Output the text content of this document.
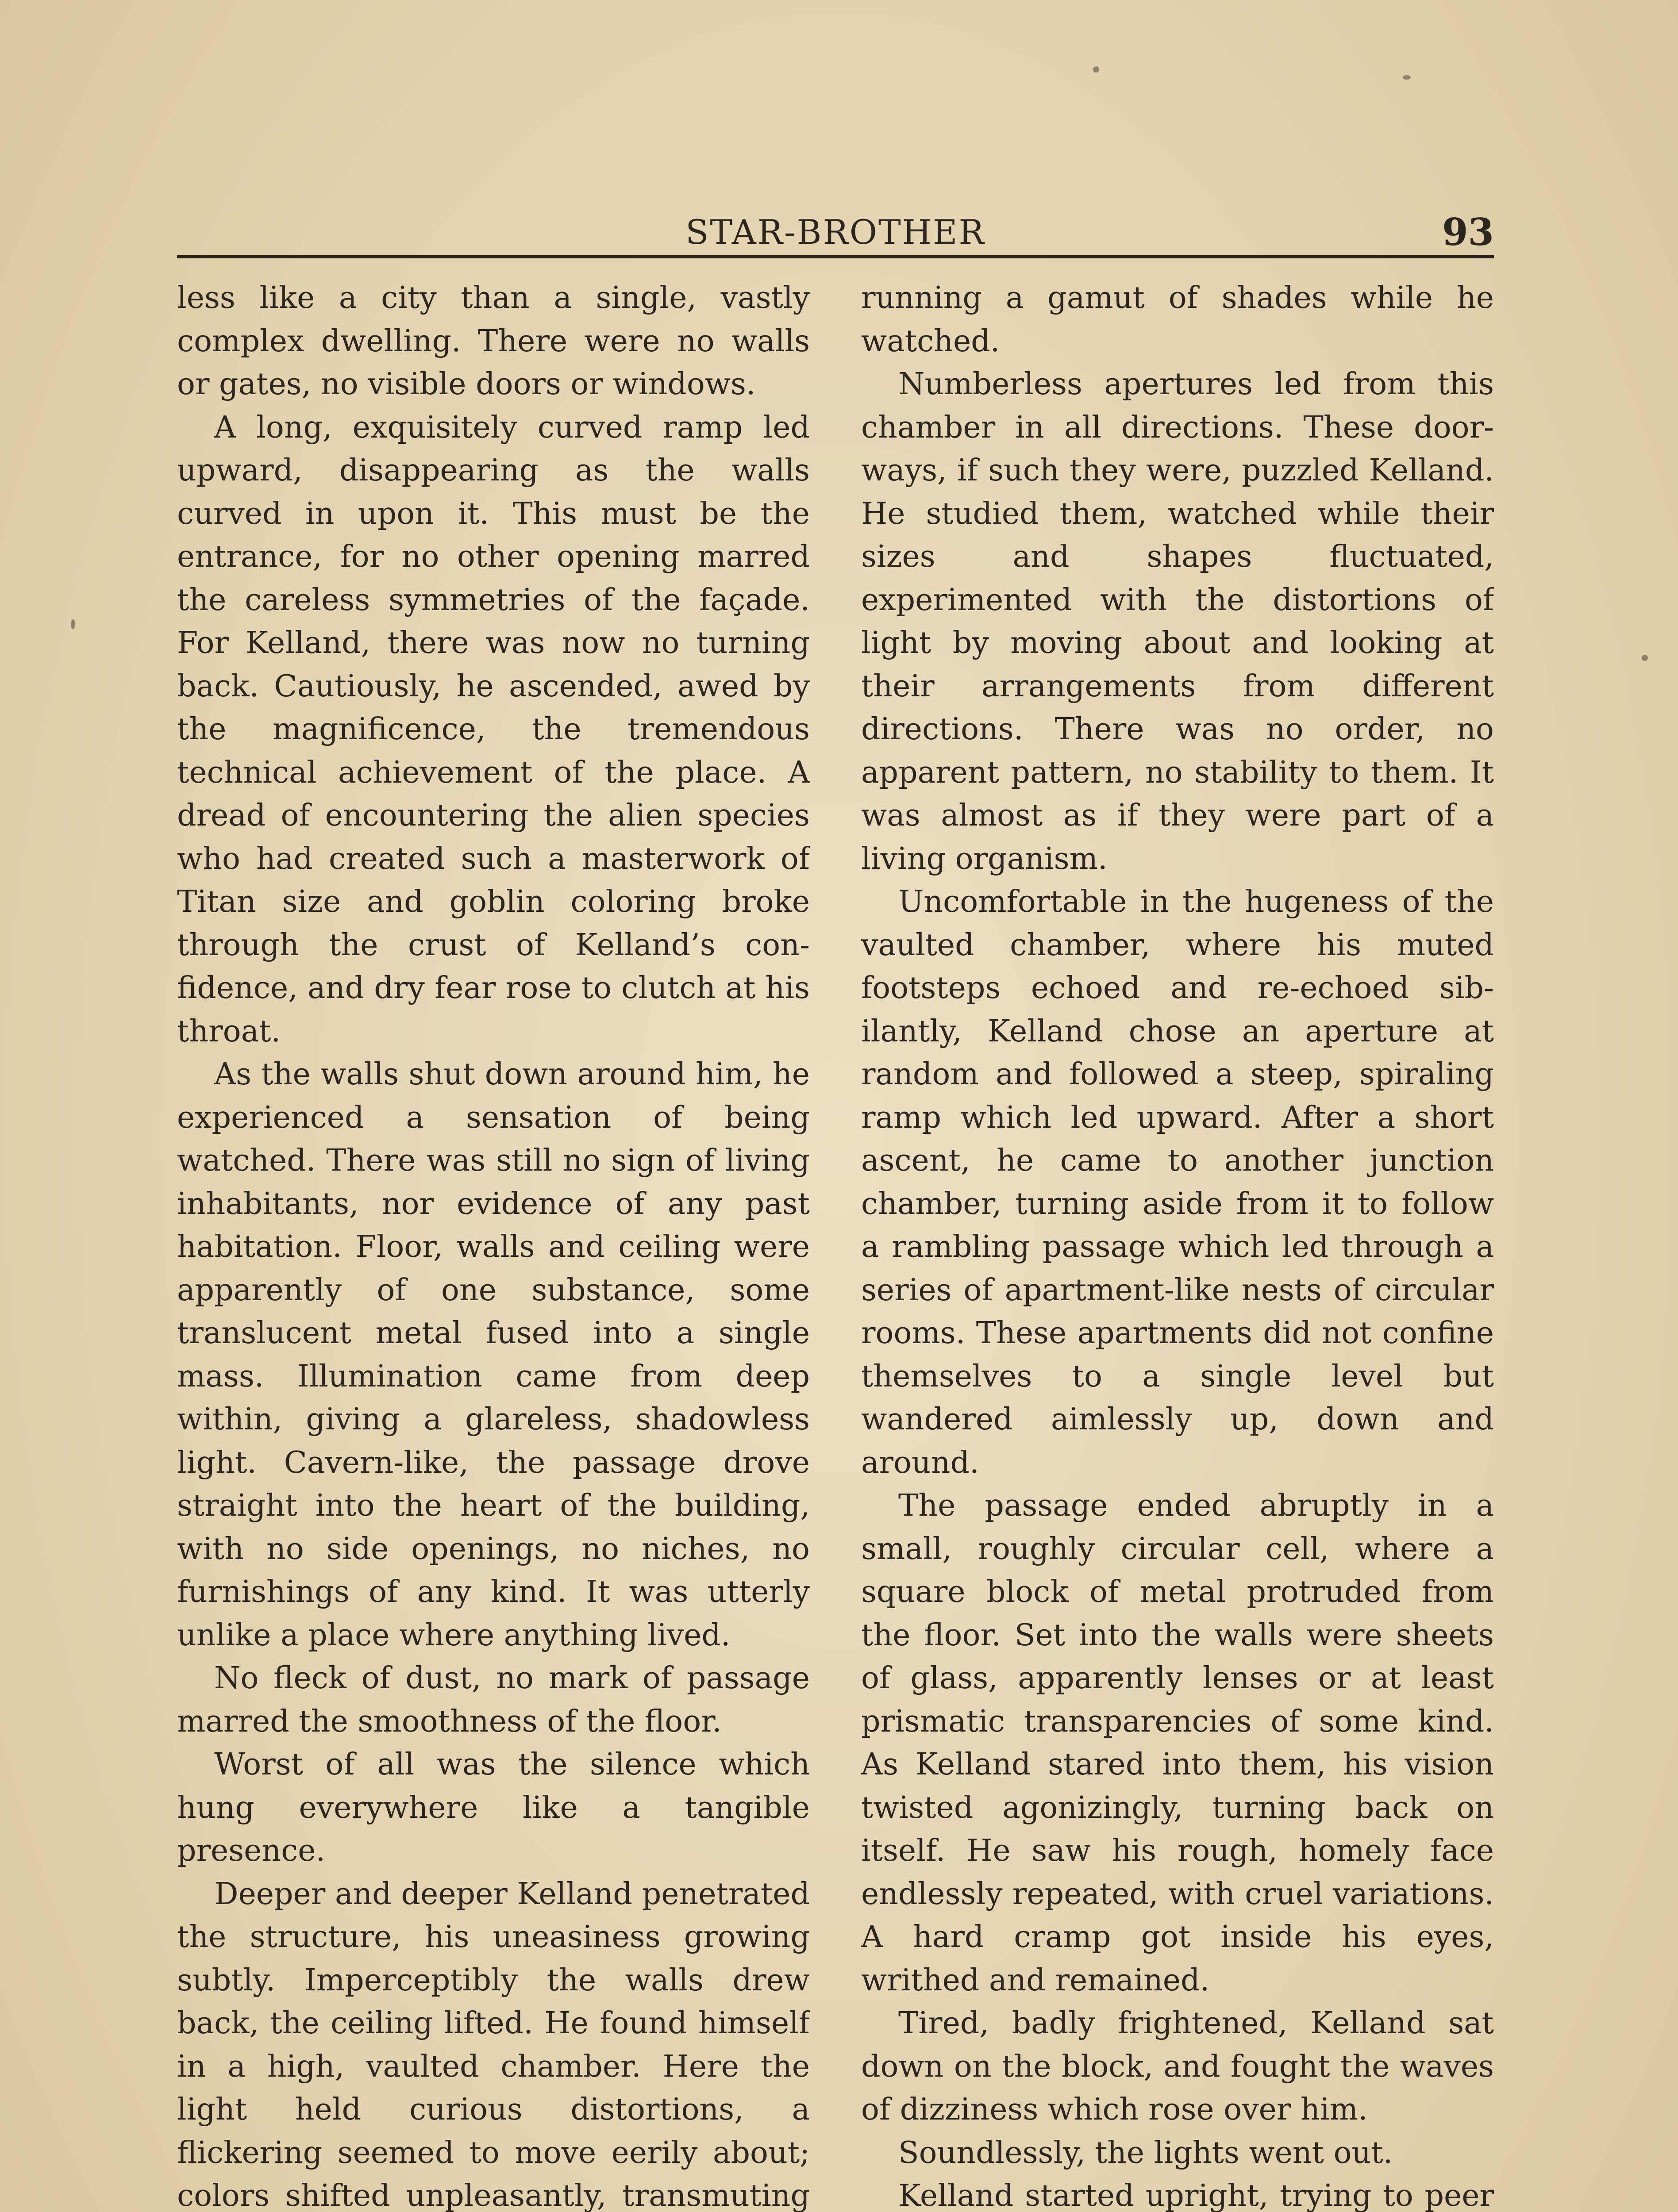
STAR-BROTHER	93

less like a city than a single, vastly complex dwelling. There were no walls or gates, no visible doors or windows.

A long, exquisitely curved ramp led upward, disappearing as the walls curved in upon it. This must be the entrance, for no other opening marred the careless symmetries of the façade. For Kelland, there was now no turning back. Cautiously, he ascended, awed by the magnificence, the tremendous technical achievement of the place. A dread of encountering the alien species who had created such a masterwork of Titan size and goblin coloring broke through the crust of Kelland’s confidence, and dry fear rose to clutch at his throat.

As the walls shut down around him, he experienced a sensation of being watched. There was still no sign of living inhabitants, nor evidence of any past habitation. Floor, walls and ceiling were apparently of one substance, some translucent metal fused into a single mass. Illumination came from deep within, giving a glareless, shadowless light. Cavern-like, the passage drove straight into the heart of the building, with no side openings, no niches, no furnishings of any kind. It was utterly unlike a place where anything lived.

No fleck of dust, no mark of passage marred the smoothness of the floor.

Worst of all was the silence which hung everywhere like a tangible presence.

Deeper and deeper Kelland penetrated the structure, his uneasiness growing subtly. Imperceptibly the walls drew back, the ceiling lifted. He found himself in a high, vaulted chamber. Here the light held curious distortions, a flickering seemed to move eerily about; colors shifted unpleasantly, transmuting

running a gamut of shades while he watched.

Numberless apertures led from this chamber in all directions. These doorways, if such they were, puzzled Kelland. He studied them, watched while their sizes and shapes fluctuated, experimented with the distortions of light by moving about and looking at their arrangements from different directions. There was no order, no apparent pattern, no stability to them. It was almost as if they were part of a living organism.

Uncomfortable in the hugeness of the vaulted chamber, where his muted footsteps echoed and re-echoed sibilantly, Kelland chose an aperture at random and followed a steep, spiraling ramp which led upward. After a short ascent, he came to another junction chamber, turning aside from it to follow a rambling passage which led through a series of apartment-like nests of circular rooms. These apartments did not confine themselves to a single level but wandered aimlessly up, down and around.

The passage ended abruptly in a small, roughly circular cell, where a square block of metal protruded from the floor. Set into the walls were sheets of glass, apparently lenses or at least prismatic transparencies of some kind. As Kelland stared into them, his vision twisted agonizingly, turning back on itself. He saw his rough, homely face endlessly repeated, with cruel variations. A hard cramp got inside his eyes, writhed and remained.

Tired, badly frightened, Kelland sat down on the block, and fought the waves of dizziness which rose over him.

Soundlessly, the lights went out.

Kelland started upright, trying to peer
